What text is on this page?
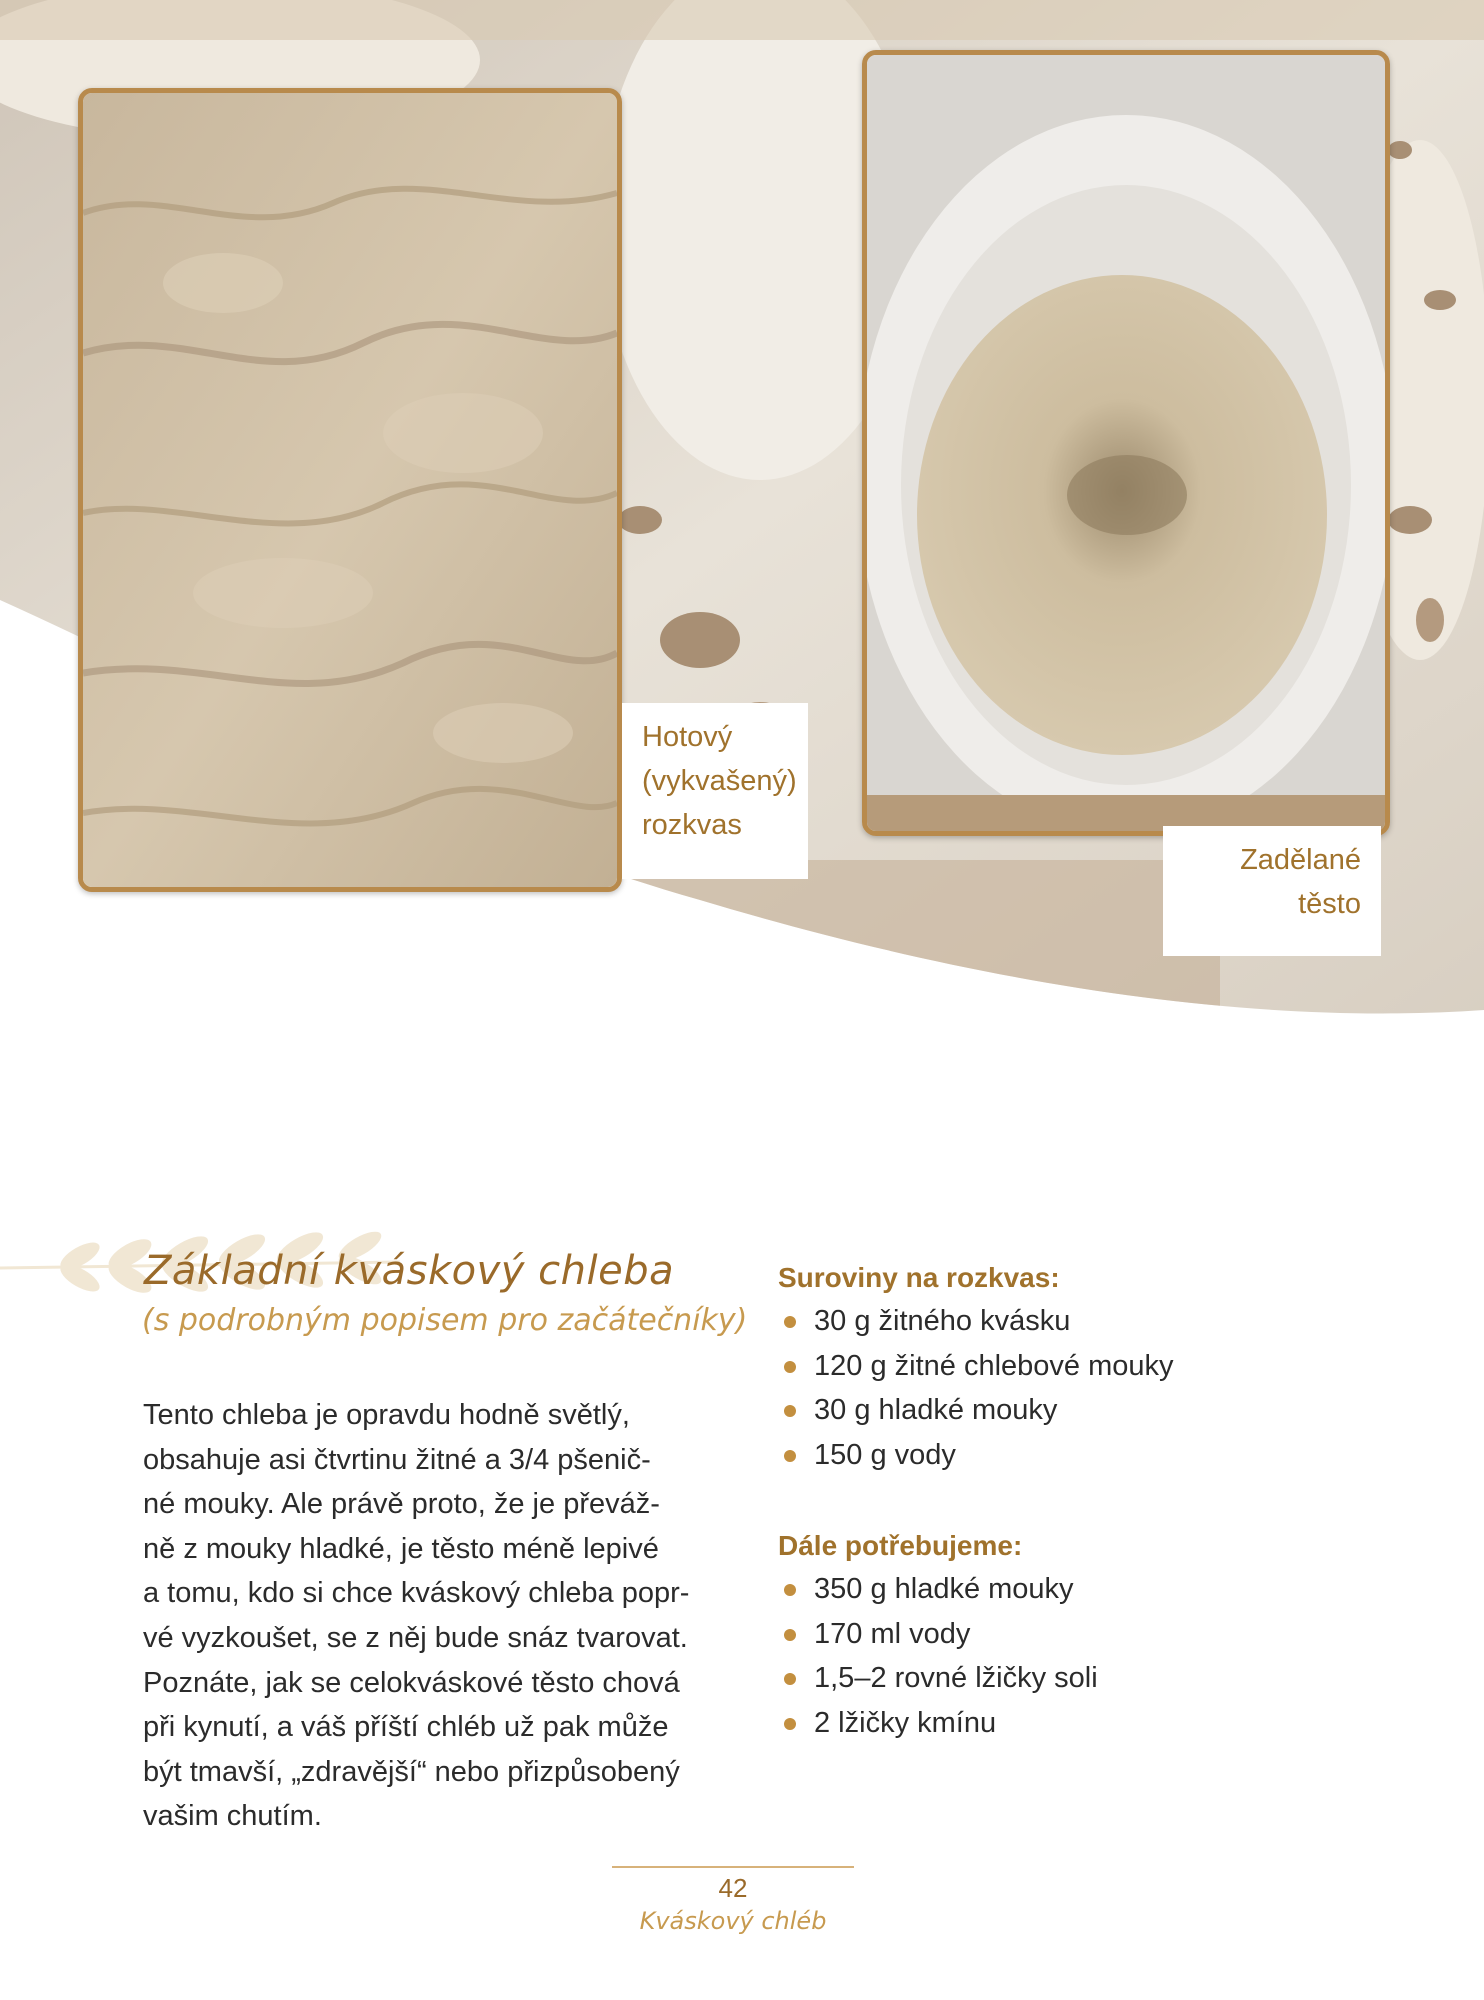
Hotový
(vykvašený)
rozkvas
Zadělané
těsto
Základní kváskový chleba
(s podrobným popisem pro začátečníky)

Tento chleba je opravdu hodně světlý,

obsahuje asi čtvrtinu žitné a 3/4 pšenič-

né mouky. Ale právě proto, že je převáž-

ně z mouky hladké, je těsto méně lepivé

a tomu, kdo si chce kváskový chleba popr-

vé vyzkoušet, se z něj bude snáz tvarovat.

Poznáte, jak se celokváskové těsto chová

při kynutí, a váš příští chléb už pak může

být tmavší, „zdravější“ nebo přizpůsobený

vašim chutím.

Suroviny na rozkvas:
30 g žitného kvásku
120 g žitné chlebové mouky
30 g hladké mouky
150 g vody
Dále potřebujeme:
350 g hladké mouky
170 ml vody
1,5–2 rovné lžičky soli
2 lžičky kmínu
42
Kváskový chléb
